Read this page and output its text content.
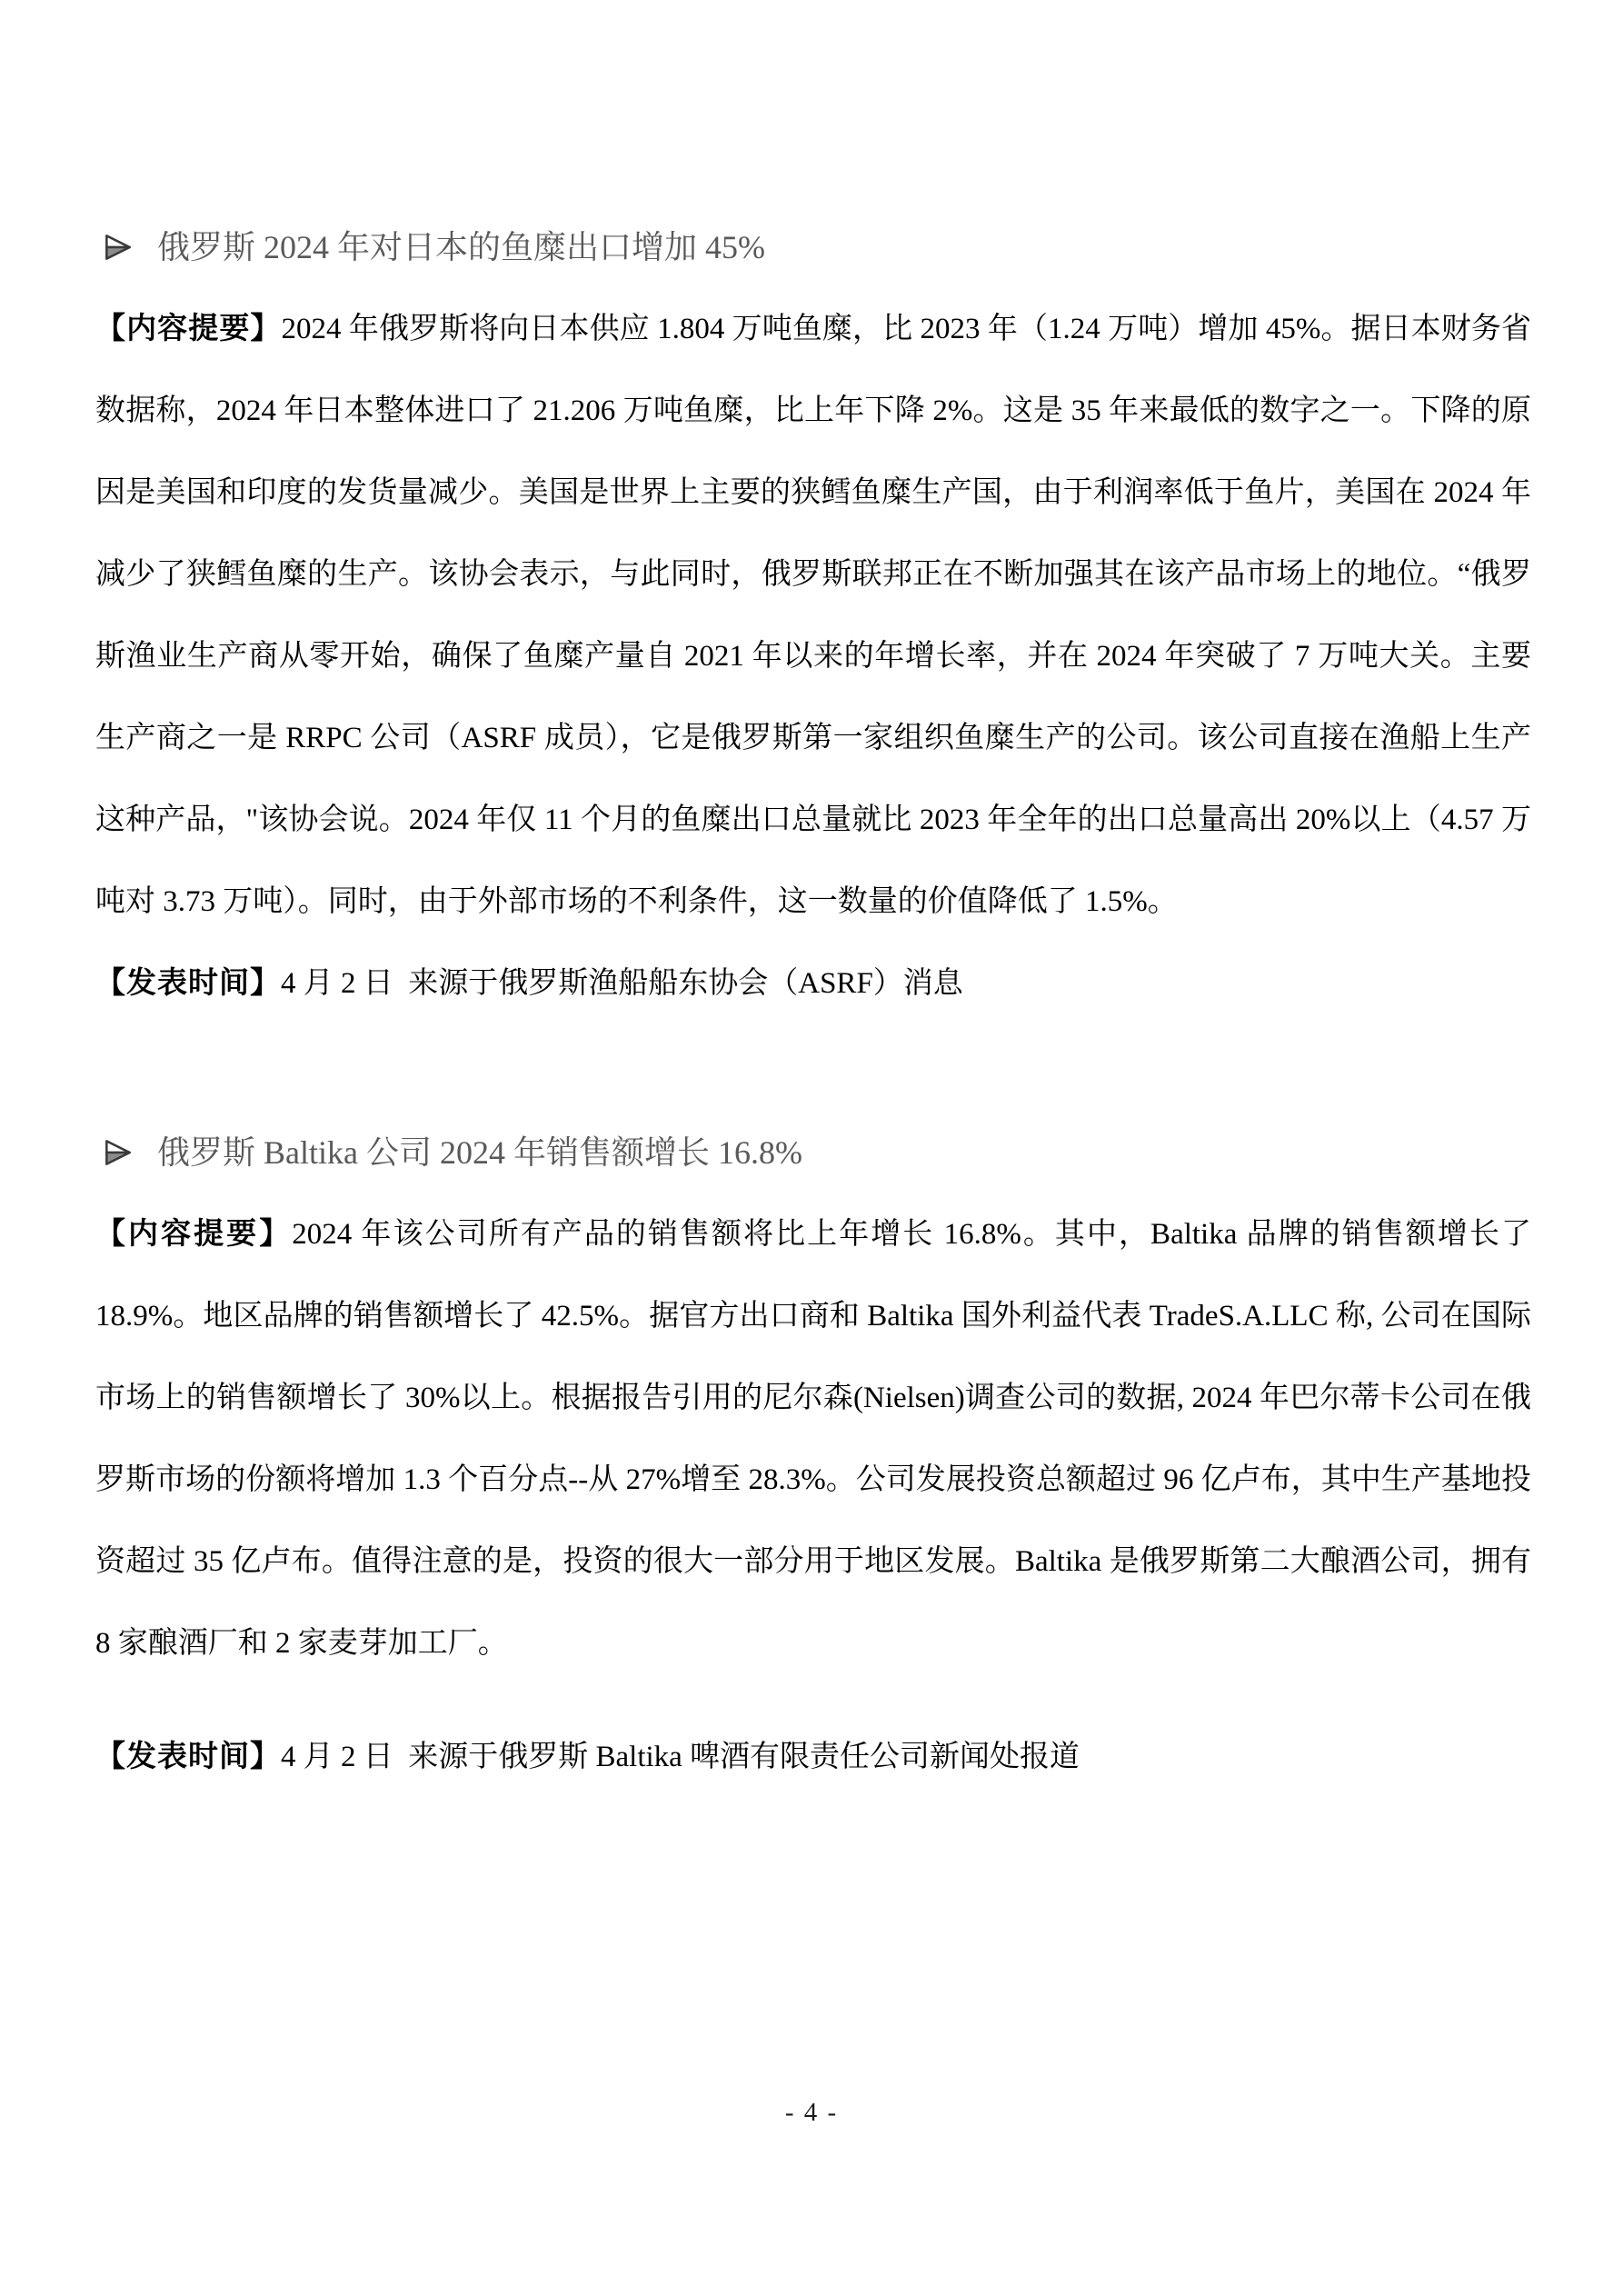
俄罗斯 2024 年对日本的鱼糜出口增加 45%

【内容提要】2024 年俄罗斯将向日本供应 1.804 万吨鱼糜，比 2023 年（1.24 万吨）增加 45%。据日本财务省数据称，2024 年日本整体进口了 21.206 万吨鱼糜，比上年下降 2%。这是 35 年来最低的数字之一。下降的原因是美国和印度的发货量减少。美国是世界上主要的狭鳕鱼糜生产国，由于利润率低于鱼片，美国在 2024 年减少了狭鳕鱼糜的生产。该协会表示，与此同时，俄罗斯联邦正在不断加强其在该产品市场上的地位。“俄罗斯渔业生产商从零开始，确保了鱼糜产量自 2021 年以来的年增长率，并在 2024 年突破了 7 万吨大关。主要生产商之一是 RRPC 公司（ASRF 成员），它是俄罗斯第一家组织鱼糜生产的公司。该公司直接在渔船上生产这种产品，"该协会说。2024 年仅 11 个月的鱼糜出口总量就比 2023 年全年的出口总量高出 20%以上（4.57 万吨对 3.73 万吨）。同时，由于外部市场的不利条件，这一数量的价值降低了 1.5%。

【发表时间】4 月 2 日  来源于俄罗斯渔船船东协会（ASRF）消息

俄罗斯 Baltika 公司 2024 年销售额增长 16.8%

【内容提要】2024 年该公司所有产品的销售额将比上年增长 16.8%。其中，Baltika 品牌的销售额增长了 18.9%。地区品牌的销售额增长了 42.5%。据官方出口商和 Baltika 国外利益代表 TradeS.A.LLC 称, 公司在国际市场上的销售额增长了 30%以上。根据报告引用的尼尔森(Nielsen)调查公司的数据, 2024 年巴尔蒂卡公司在俄罗斯市场的份额将增加 1.3 个百分点--从 27%增至 28.3%。公司发展投资总额超过 96 亿卢布，其中生产基地投资超过 35 亿卢布。值得注意的是，投资的很大一部分用于地区发展。Baltika 是俄罗斯第二大酿酒公司，拥有 8 家酿酒厂和 2 家麦芽加工厂。

【发表时间】4 月 2 日  来源于俄罗斯 Baltika 啤酒有限责任公司新闻处报道

- 4 -
